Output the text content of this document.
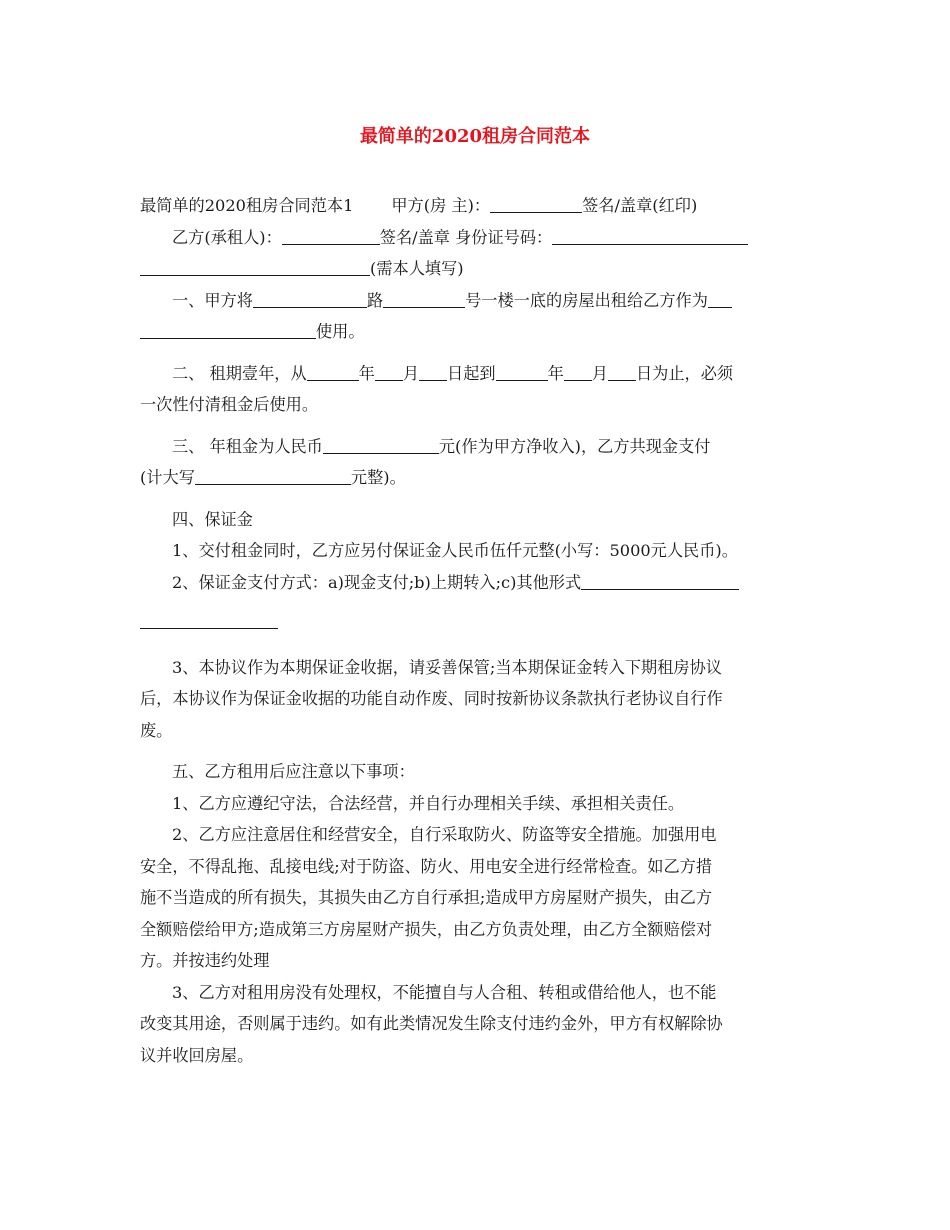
最简单的2020租房合同范本
最简单的2020租房合同范本1 甲方(房 主)：	签名/盖章(红印)
乙方(承租人)：	签名/盖章 身份证号码：
(需本人填写)
一、甲方将	路	号一楼一底的房屋出租给乙方作为
使用。
二、 租期壹年，从	年 月 日起到	年 月 日为止，必须
一次性付清租金后使用。
三、 年租金为人民币	元(作为甲方净收入)，乙方共现金支付
(计大写	元整)。
四、保证金
1、交付租金同时，乙方应另付保证金人民币伍仟元整(小写：5000元人民币)。
2、保证金支付方式：a)现金支付;b)上期转入;c)其他形式
3、本协议作为本期保证金收据，请妥善保管;当本期保证金转入下期租房协议
后，本协议作为保证金收据的功能自动作废、同时按新协议条款执行老协议自行作
废。
五、乙方租用后应注意以下事项：
1、乙方应遵纪守法，合法经营，并自行办理相关手续、承担相关责任。
2、乙方应注意居住和经营安全，自行采取防火、防盗等安全措施。加强用电
安全，不得乱拖、乱接电线;对于防盗、防火、用电安全进行经常检查。如乙方措
施不当造成的所有损失，其损失由乙方自行承担;造成甲方房屋财产损失，由乙方
全额赔偿给甲方;造成第三方房屋财产损失，由乙方负责处理，由乙方全额赔偿对
方。并按违约处理
3、乙方对租用房没有处理权，不能擅自与人合租、转租或借给他人，也不能
改变其用途，否则属于违约。如有此类情况发生除支付违约金外，甲方有权解除协
议并收回房屋。
